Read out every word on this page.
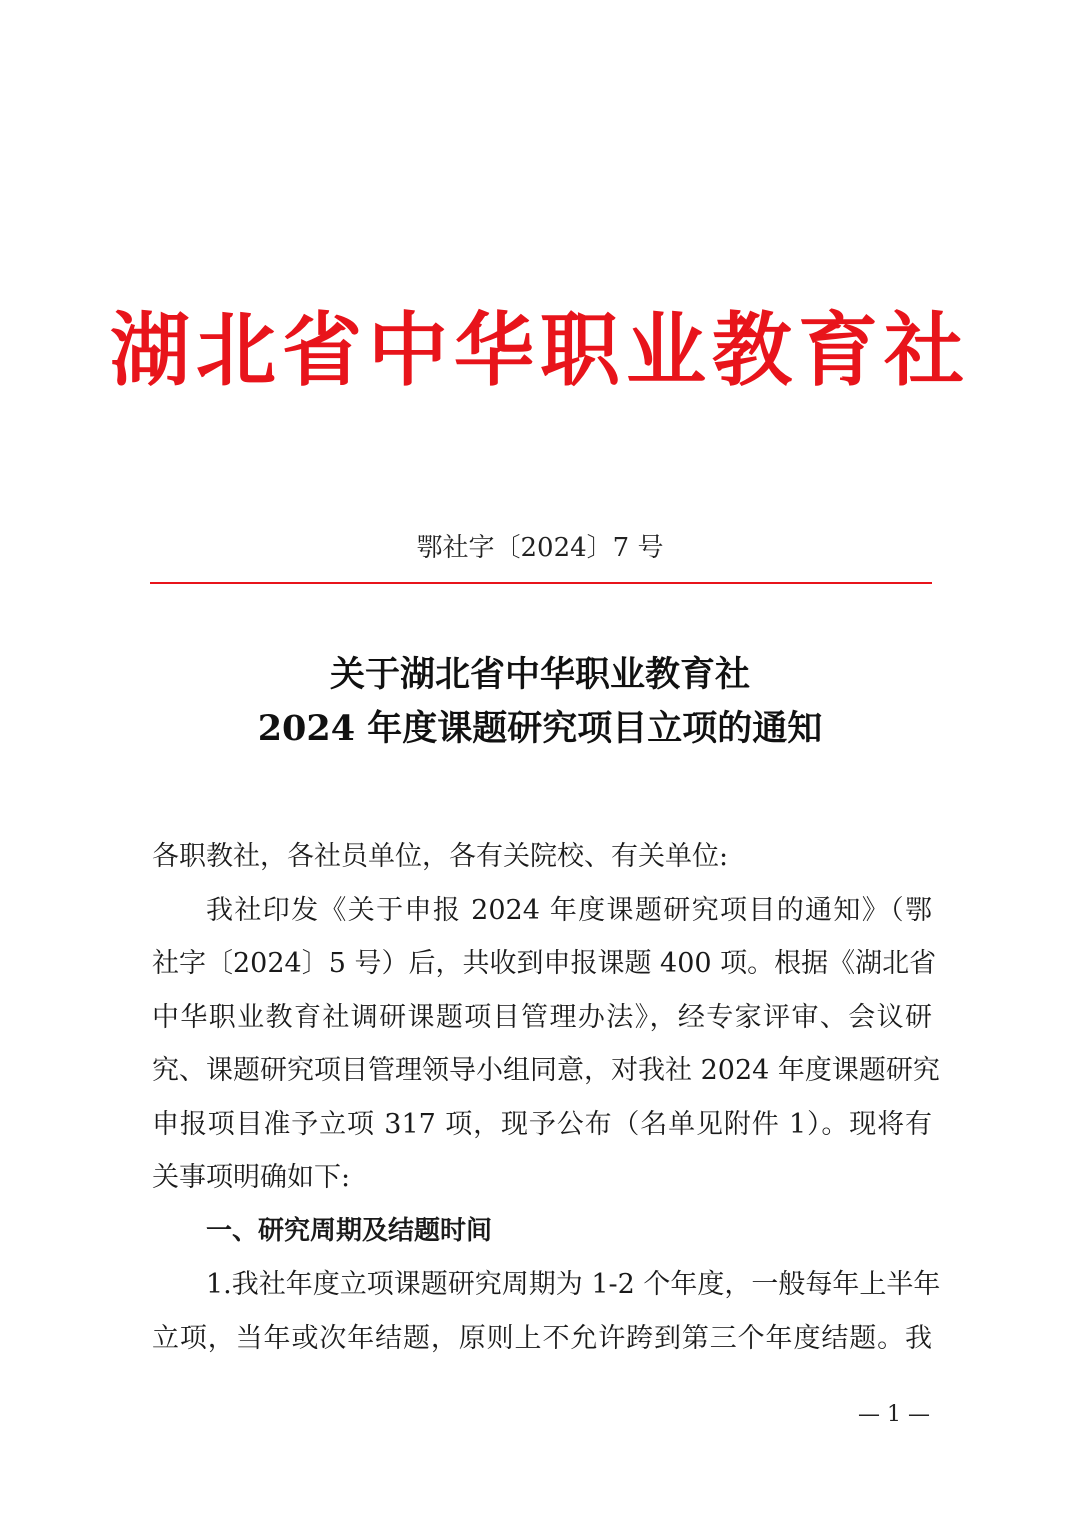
湖北省中华职业教育社
鄂社字〔2024〕7 号
关于湖北省中华职业教育社
2024 年度课题研究项目立项的通知
各职教社，各社员单位，各有关院校、有关单位:
我社印发《关于申报 2024 年度课题研究项目的通知》（鄂
社字〔2024〕5 号）后，共收到申报课题 400 项。根据《湖北省
中华职业教育社调研课题项目管理办法》，经专家评审、会议研
究、课题研究项目管理领导小组同意，对我社 2024 年度课题研究
申报项目准予立项 317 项，现予公布（名单见附件 1）。现将有
关事项明确如下:
一、研究周期及结题时间
1.我社年度立项课题研究周期为 1-2 个年度，一般每年上半年
立项，当年或次年结题，原则上不允许跨到第三个年度结题。我
— 1 —
